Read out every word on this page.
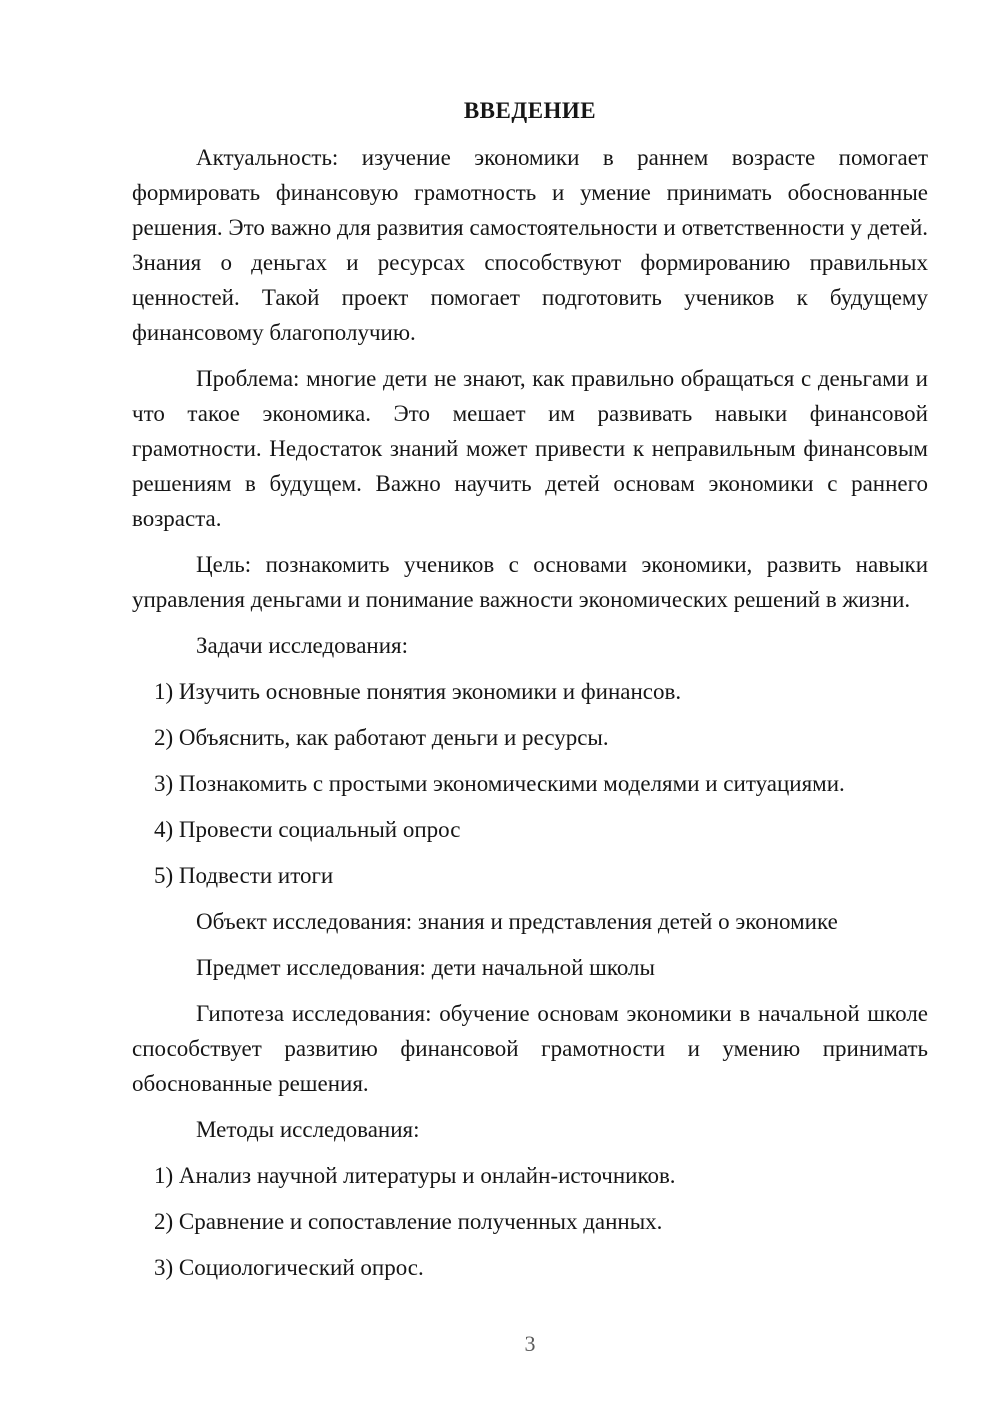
ВВЕДЕНИЕ

Актуальность: изучение экономики в раннем возрасте помогает формировать финансовую грамотность и умение принимать обоснованные решения. Это важно для развития самостоятельности и ответственности у детей. Знания о деньгах и ресурсах способствуют формированию правильных ценностей. Такой проект помогает подготовить учеников к будущему финансовому благополучию.

Проблема: многие дети не знают, как правильно обращаться с деньгами и что такое экономика. Это мешает им развивать навыки финансовой грамотности. Недостаток знаний может привести к неправильным финансовым решениям в будущем. Важно научить детей основам экономики с раннего возраста.

Цель: познакомить учеников с основами экономики, развить навыки управления деньгами и понимание важности экономических решений в жизни.

Задачи исследования:

1) Изучить основные понятия экономики и финансов.

2) Объяснить, как работают деньги и ресурсы.

3) Познакомить с простыми экономическими моделями и ситуациями.

4) Провести социальный опрос

5) Подвести итоги

Объект исследования: знания и представления детей о экономике

Предмет исследования: дети начальной школы

Гипотеза исследования: обучение основам экономики в начальной школе способствует развитию финансовой грамотности и умению принимать обоснованные решения.

Методы исследования:

1) Анализ научной литературы и онлайн-источников.

2) Сравнение и сопоставление полученных данных.

3) Социологический опрос.

3
